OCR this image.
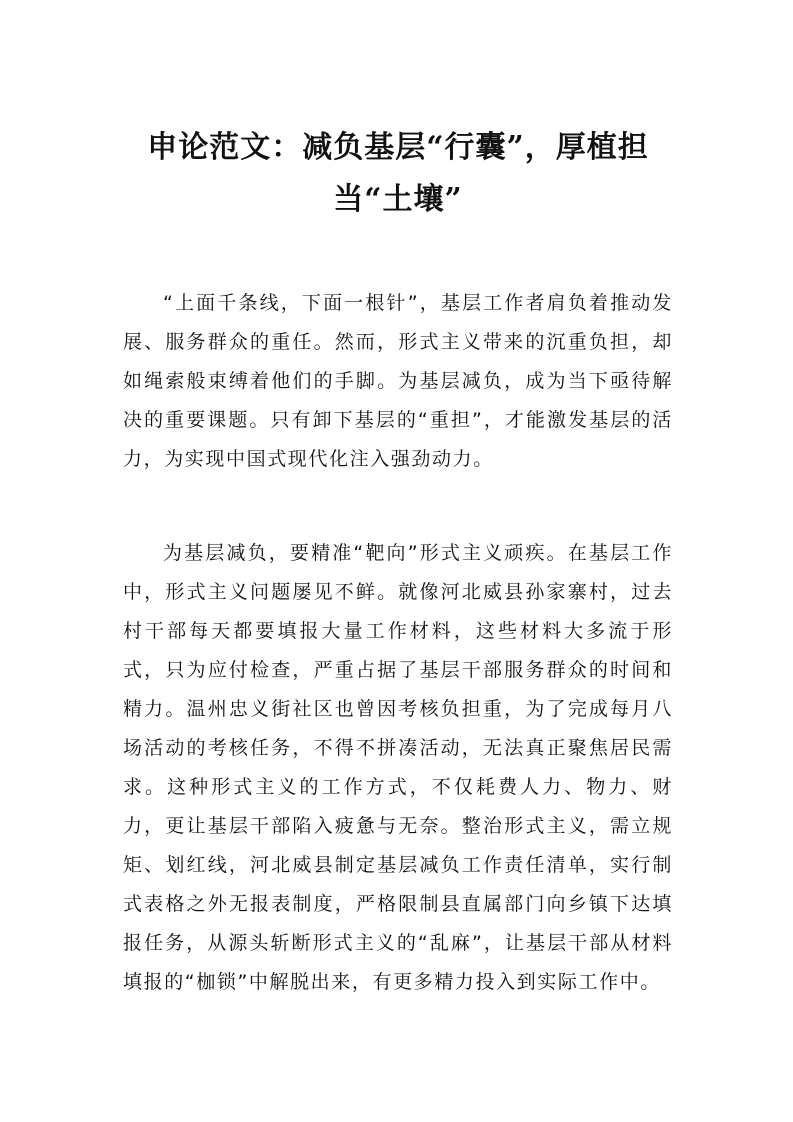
申论范文：减负基层“行囊”，厚植担当“土壤”

“上面千条线，下面一根针”，基层工作者肩负着推动发展、服务群众的重任。然而，形式主义带来的沉重负担，却如绳索般束缚着他们的手脚。为基层减负，成为当下亟待解决的重要课题。只有卸下基层的“重担”，才能激发基层的活力，为实现中国式现代化注入强劲动力。

为基层减负，要精准“靶向”形式主义顽疾。在基层工作中，形式主义问题屡见不鲜。就像河北威县孙家寨村，过去村干部每天都要填报大量工作材料，这些材料大多流于形式，只为应付检查，严重占据了基层干部服务群众的时间和精力。温州忠义街社区也曾因考核负担重，为了完成每月八场活动的考核任务，不得不拼凑活动，无法真正聚焦居民需求。这种形式主义的工作方式，不仅耗费人力、物力、财力，更让基层干部陷入疲惫与无奈。整治形式主义，需立规矩、划红线，河北威县制定基层减负工作责任清单，实行制式表格之外无报表制度，严格限制县直属部门向乡镇下达填报任务，从源头斩断形式主义的“乱麻”，让基层干部从材料填报的“枷锁”中解脱出来，有更多精力投入到实际工作中。
